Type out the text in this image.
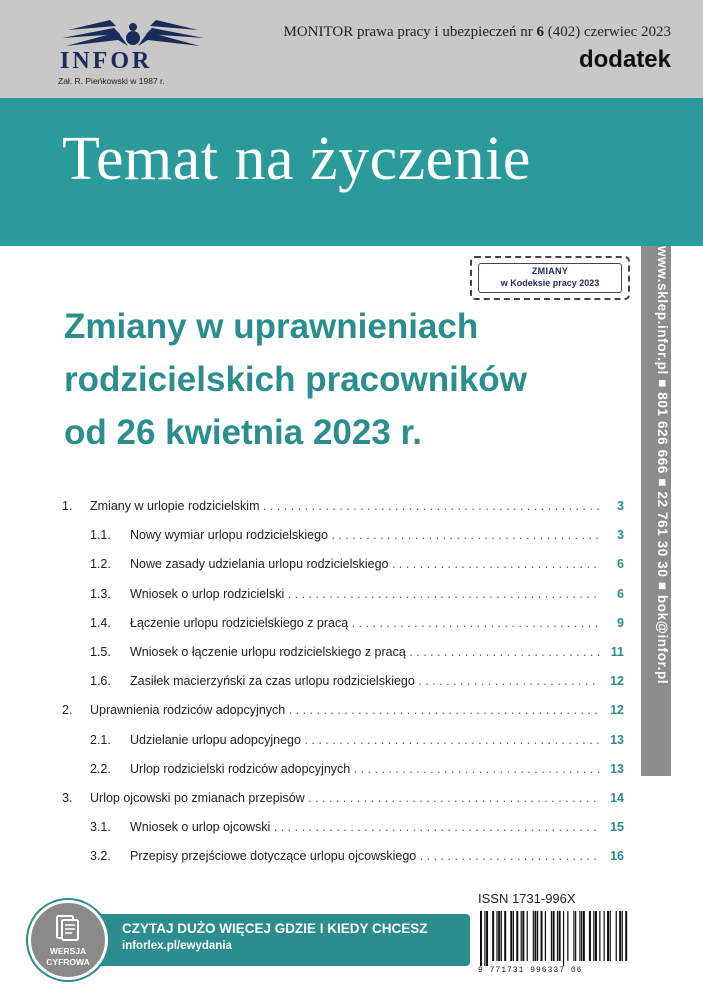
INFOR
Zał. R. Pieńkowski w 1987 r.
MONITOR prawa pracy i ubezpieczeń nr 6 (402) czerwiec 2023
dodatek
Temat na życzenie
www.sklep.infor.pl ■ 801 626 666 ■ 22 761 30 30 ■ bok@infor.pl
ZMIANY
w Kodeksie pracy 2023
Zmiany w uprawnieniach
rodzicielskich pracowników
od 26 kwietnia 2023 r.
1. Zmiany w urlopie rodzicielskim . . .	3
1.1. Nowy wymiar urlopu rodzicielskiego . . .	3
1.2. Nowe zasady udzielania urlopu rodzicielskiego . . .	6
1.3. Wniosek o urlop rodzicielski . . .	6
1.4. Łączenie urlopu rodzicielskiego z pracą . . .	9
1.5. Wniosek o łączenie urlopu rodzicielskiego z pracą . . .	11
1.6. Zasiłek macierzyński za czas urlopu rodzicielskiego . . .	12
2. Uprawnienia rodziców adopcyjnych . . .	12
2.1. Udzielanie urlopu adopcyjnego . . .	13
2.2. Urlop rodzicielski rodziców adopcyjnych . . .	13
3. Urlop ojcowski po zmianach przepisów . . .	14
3.1. Wniosek o urlop ojcowski . . .	15
3.2. Przepisy przejściowe dotyczące urlopu ojcowskiego . . .	16
ISSN 1731-996X
9 771731 996337 06
CZYTAJ DUŻO WIĘCEJ GDZIE I KIEDY CHCESZ
inforlex.pl/ewydania
WERSJA
CYFROWA
